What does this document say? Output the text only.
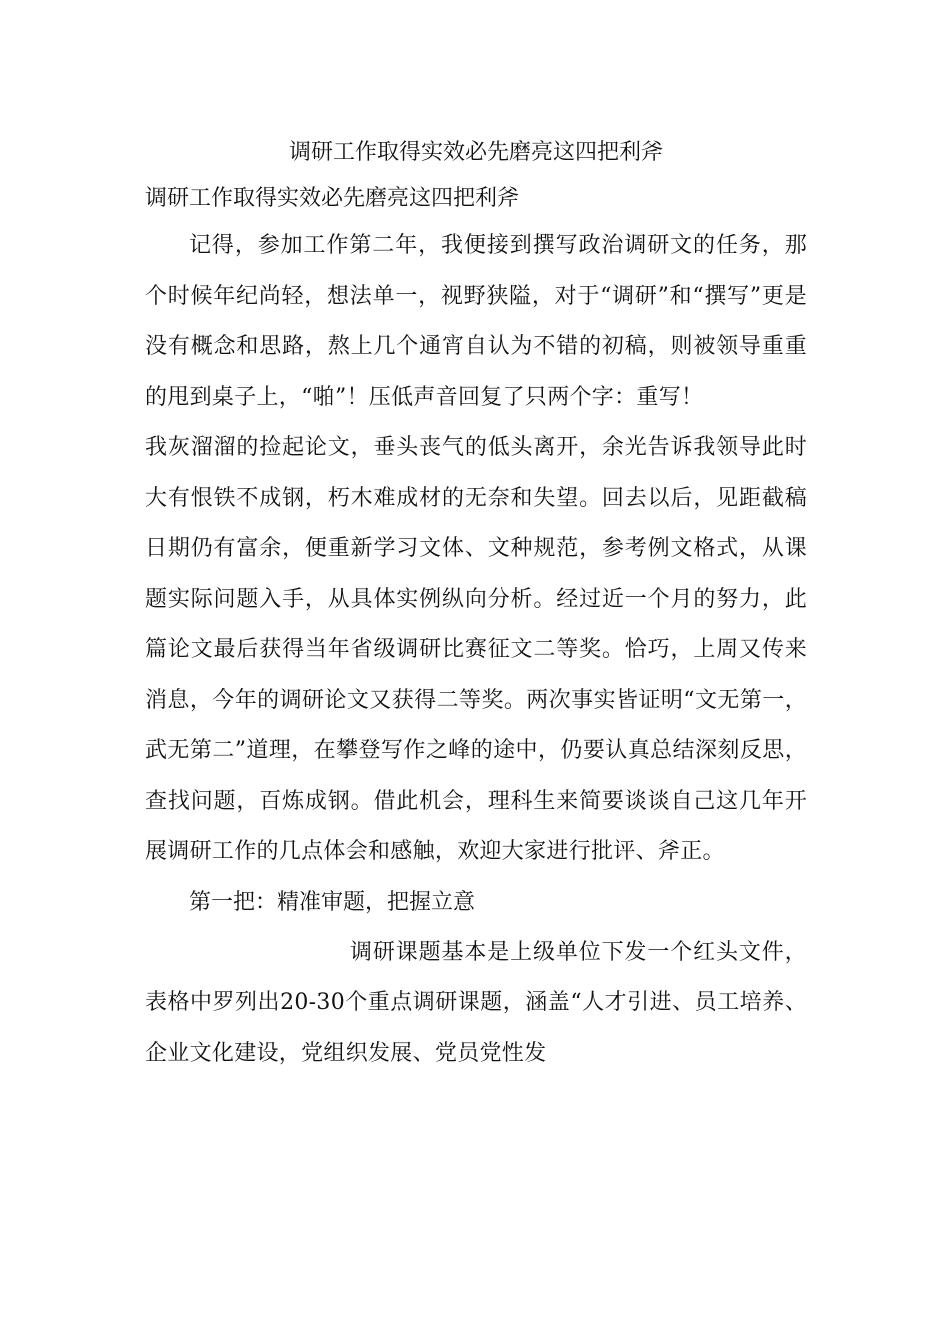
调研工作取得实效必先磨亮这四把利斧
调研工作取得实效必先磨亮这四把利斧

记得，参加工作第二年，我便接到撰写政治调研文的任务，那个时候年纪尚轻，想法单一，视野狭隘，对于“调研”和“撰写”更是没有概念和思路，熬上几个通宵自认为不错的初稿，则被领导重重的甩到桌子上，“啪”！压低声音回复了只两个字：重写！

我灰溜溜的捡起论文，垂头丧气的低头离开，余光告诉我领导此时大有恨铁不成钢，朽木难成材的无奈和失望。回去以后，见距截稿日期仍有富余，便重新学习文体、文种规范，参考例文格式，从课题实际问题入手，从具体实例纵向分析。经过近一个月的努力，此篇论文最后获得当年省级调研比赛征文二等奖。恰巧，上周又传来消息，今年的调研论文又获得二等奖。两次事实皆证明“文无第一，武无第二”道理，在攀登写作之峰的途中，仍要认真总结深刻反思，查找问题，百炼成钢。借此机会，理科生来简要谈谈自己这几年开展调研工作的几点体会和感触，欢迎大家进行批评、斧正。

第一把：精准审题，把握立意

调研课题基本是上级单位下发一个红头文件，表格中罗列出20-30个重点调研课题，涵盖“人才引进、员工培养、企业文化建设，党组织发展、党员党性发
